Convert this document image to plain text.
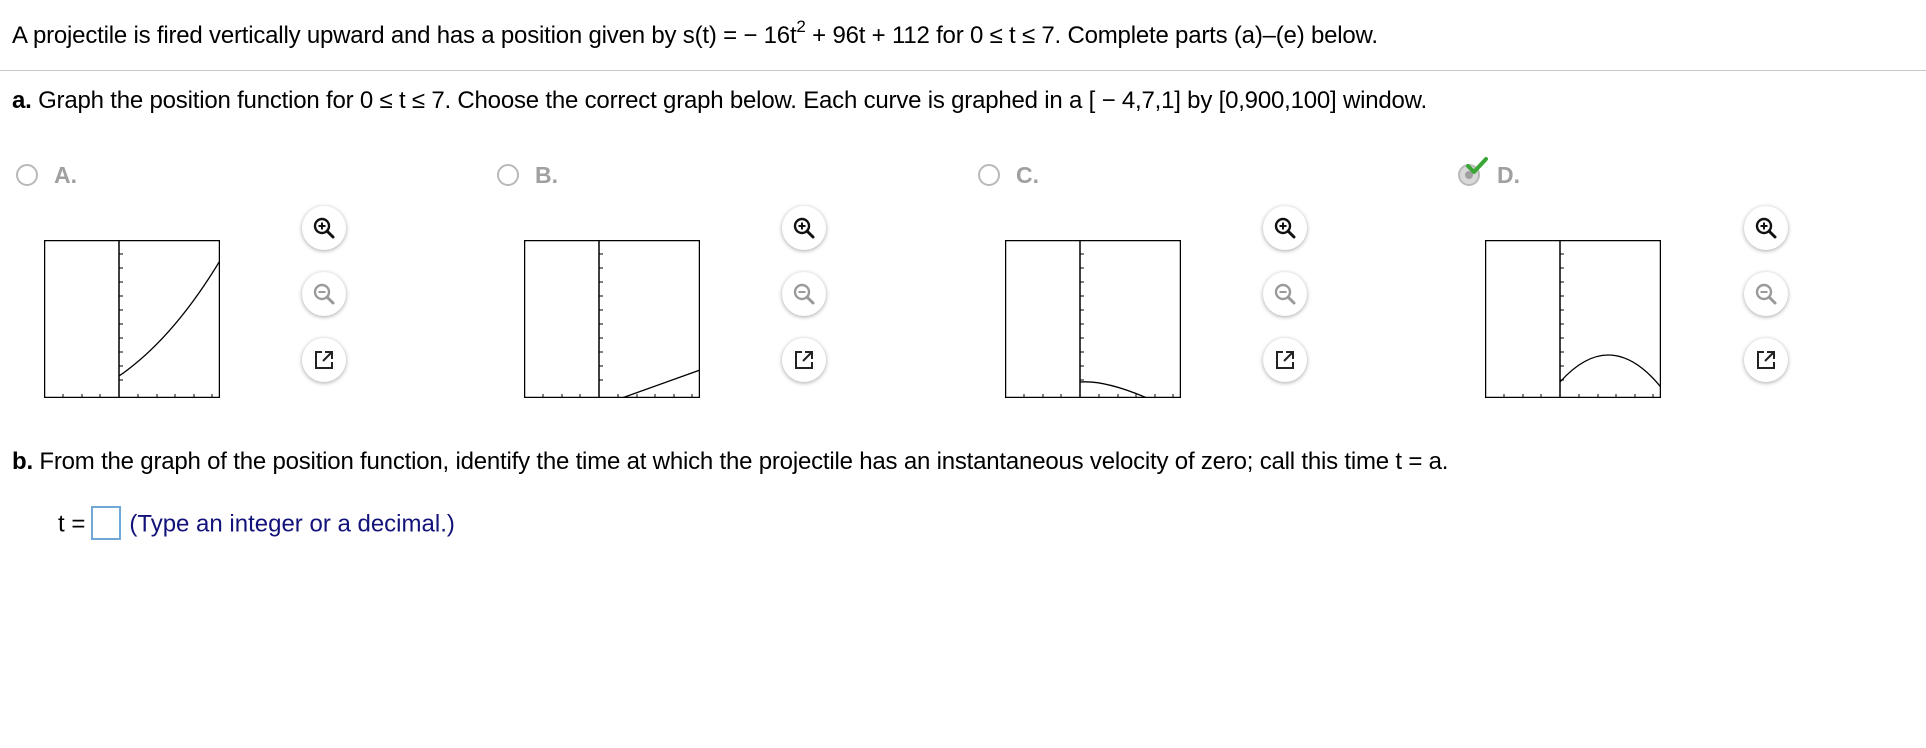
A projectile is fired vertically upward and has a position given by s(t) = − $16t^2 + 96t + 112$ for 0 ≤ t ≤ 7. Complete parts (a)–(e) below.
a. Graph the position function for 0 ≤ t ≤ 7. Choose the correct graph below. Each curve is graphed in a [ − 4,7,1] by [0,900,100] window.
A.	B.	C.	D.
b. From the graph of the position function, identify the time at which the projectile has an instantaneous velocity of zero; call this time t = a.
t = (Type an integer or a decimal.)
